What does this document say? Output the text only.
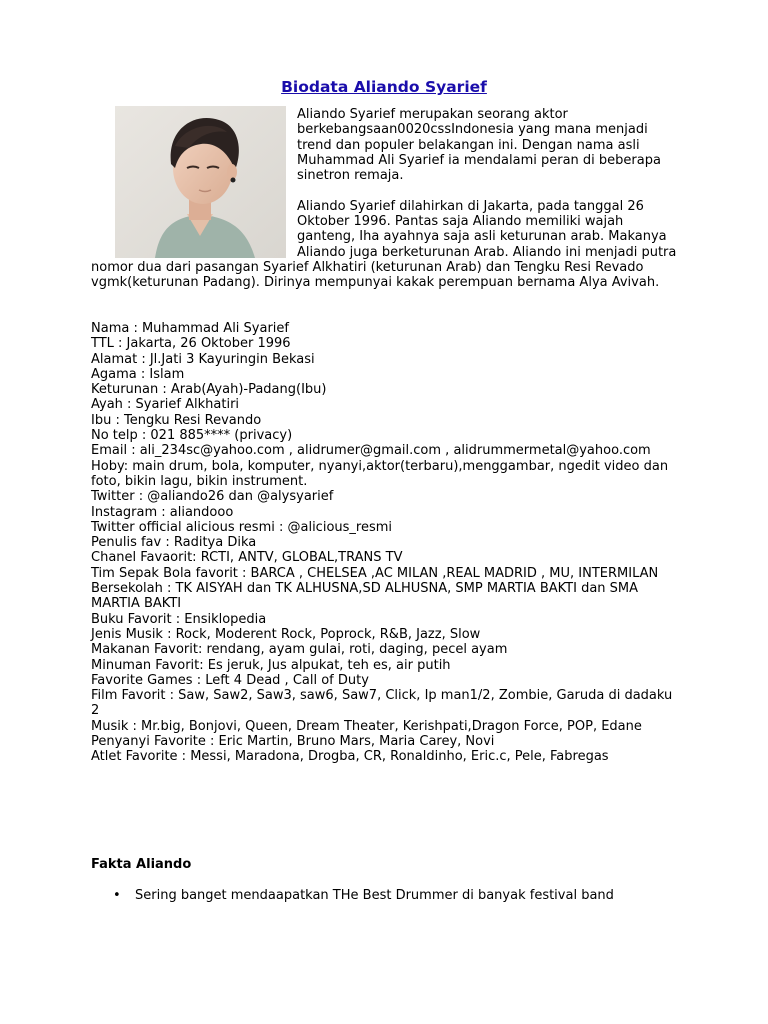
Biodata Aliando Syarief

Aliando Syarief merupakan seorang aktor berkebangsaan0020cssIndonesia yang mana menjadi trend dan populer belakangan ini. Dengan nama asli Muhammad Ali Syarief ia mendalami peran di beberapa sinetron remaja.

Aliando Syarief dilahirkan di Jakarta, pada tanggal 26 Oktober 1996. Pantas saja Aliando memiliki wajah ganteng, Iha ayahnya saja asli keturunan arab. Makanya Aliando juga berketurunan Arab. Aliando ini menjadi putra nomor dua dari pasangan Syarief Alkhatiri (keturunan Arab) dan Tengku Resi Revado vgmk(keturunan Padang). Dirinya mempunyai kakak perempuan bernama Alya Avivah.

Nama : Muhammad Ali Syarief
TTL : Jakarta, 26 Oktober 1996
Alamat : Jl.Jati 3 Kayuringin Bekasi
Agama : Islam
Keturunan : Arab(Ayah)-Padang(Ibu)
Ayah : Syarief Alkhatiri
Ibu : Tengku Resi Revando
No telp : 021 885**** (privacy)
Email : ali_234sc@yahoo.com , alidrumer@gmail.com , alidrummermetal@yahoo.com
Hoby: main drum, bola, komputer, nyanyi,aktor(terbaru),menggambar, ngedit video dan foto, bikin lagu, bikin instrument.
Twitter : @aliando26 dan @alysyarief
Instagram : aliandooo
Twitter official alicious resmi : @alicious_resmi
Penulis fav : Raditya Dika
Chanel Favaorit: RCTI, ANTV, GLOBAL,TRANS TV
Tim Sepak Bola favorit : BARCA , CHELSEA ,AC MILAN ,REAL MADRID , MU, INTERMILAN
Bersekolah : TK AISYAH dan TK ALHUSNA,SD ALHUSNA, SMP MARTIA BAKTI dan SMA MARTIA BAKTI
Buku Favorit : Ensiklopedia
Jenis Musik : Rock, Moderent Rock, Poprock, R&B, Jazz, Slow
Makanan Favorit: rendang, ayam gulai, roti, daging, pecel ayam
Minuman Favorit: Es jeruk, Jus alpukat, teh es, air putih
Favorite Games : Left 4 Dead , Call of Duty
Film Favorit : Saw, Saw2, Saw3, saw6, Saw7, Click, Ip man1/2, Zombie, Garuda di dadaku 2
Musik : Mr.big, Bonjovi, Queen, Dream Theater, Kerishpati,Dragon Force, POP, Edane
Penyanyi Favorite : Eric Martin, Bruno Mars, Maria Carey, Novi
Atlet Favorite : Messi, Maradona, Drogba, CR, Ronaldinho, Eric.c, Pele, Fabregas
Fakta Aliando
• Sering banget mendaapatkan THe Best Drummer di banyak festival band
